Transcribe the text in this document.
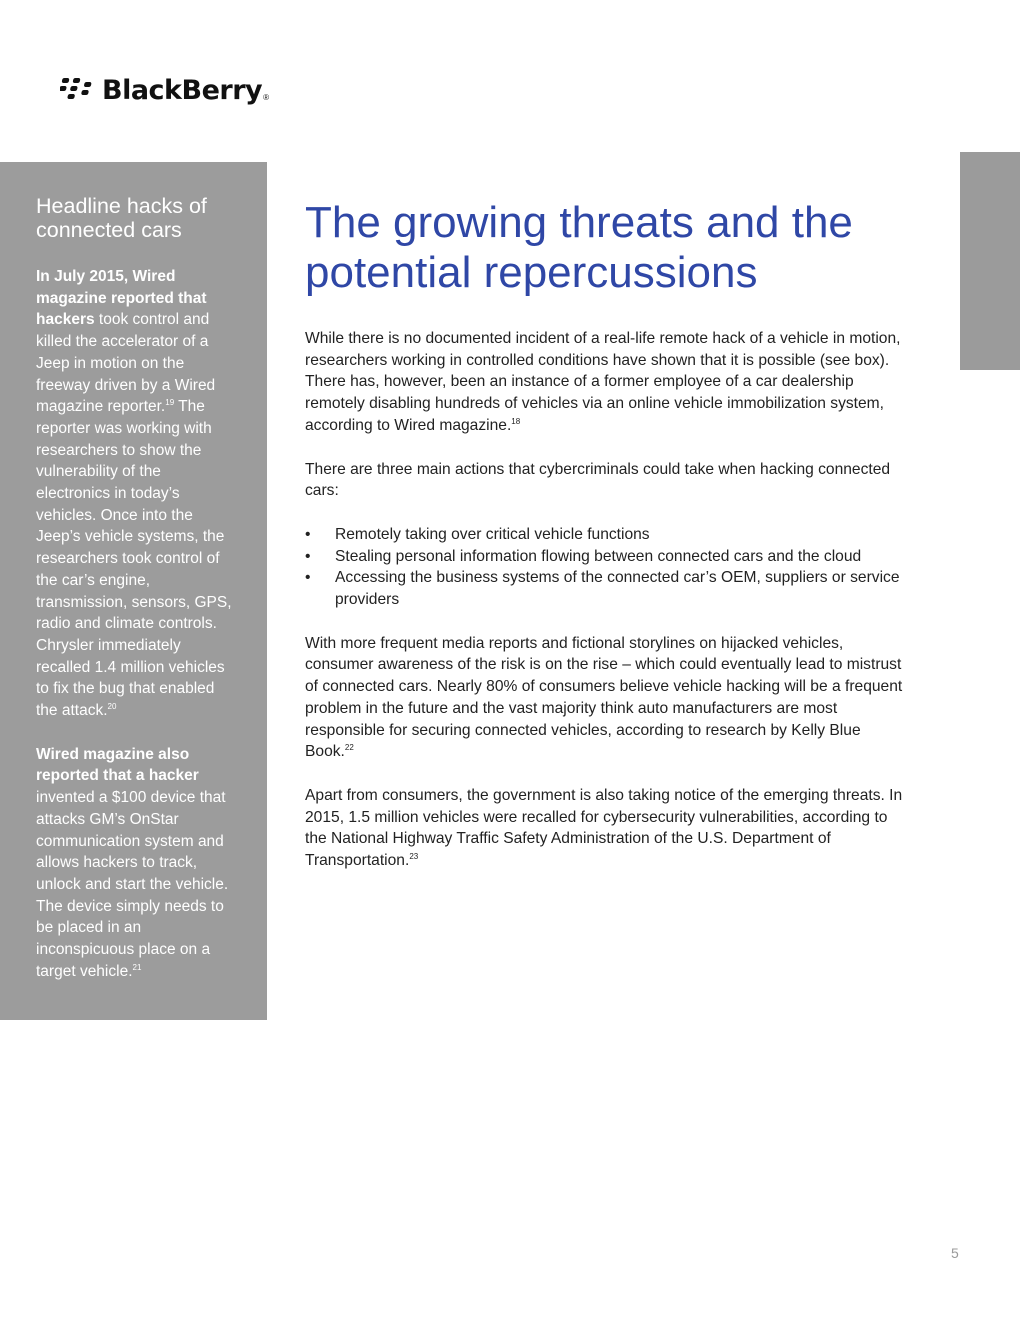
BlackBerry ®
Headline hacks of connected cars

In July 2015, Wired magazine reported that hackers took control and killed the accelerator of a Jeep in motion on the freeway driven by a Wired magazine reporter.$^{19}$ The reporter was working with researchers to show the vulnerability of the electronics in today’s vehicles. Once into the Jeep’s vehicle systems, the researchers took control of the car’s engine, transmission, sensors, GPS, radio and climate controls. Chrysler immediately recalled 1.4 million vehicles to fix the bug that enabled the attack.$^{20}$

Wired magazine also reported that a hacker invented a $100 device that attacks GM’s OnStar communication system and allows hackers to track, unlock and start the vehicle. The device simply needs to be placed in an inconspicuous place on a target vehicle.$^{21}$

The growing threats and the potential repercussions

While there is no documented incident of a real-life remote hack of a vehicle in motion, researchers working in controlled conditions have shown that it is possible (see box). There has, however, been an instance of a former employee of a car dealership remotely disabling hundreds of vehicles via an online vehicle immobilization system, according to Wired magazine.$^{18}$

There are three main actions that cybercriminals could take when hacking connected cars:

• Remotely taking over critical vehicle functions
• Stealing personal information flowing between connected cars and the cloud
• Accessing the business systems of the connected car’s OEM, suppliers or service providers

With more frequent media reports and fictional storylines on hijacked vehicles, consumer awareness of the risk is on the rise – which could eventually lead to mistrust of connected cars. Nearly 80% of consumers believe vehicle hacking will be a frequent problem in the future and the vast majority think auto manufacturers are most responsible for securing connected vehicles, according to research by Kelly Blue Book.$^{22}$

Apart from consumers, the government is also taking notice of the emerging threats. In 2015, 1.5 million vehicles were recalled for cybersecurity vulnerabilities, according to the National Highway Traffic Safety Administration of the U.S. Department of Transportation.$^{23}$

5
